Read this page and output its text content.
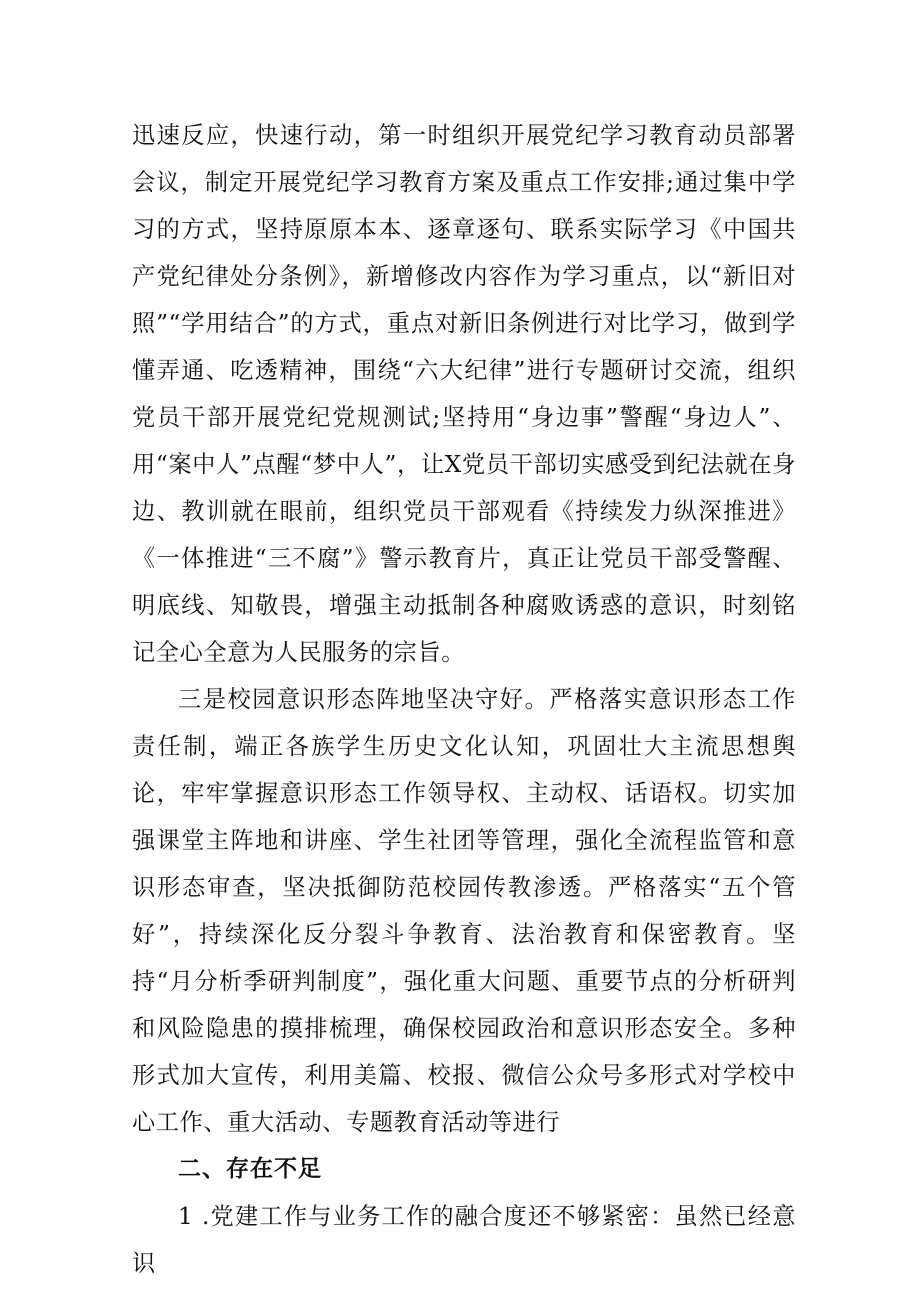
迅速反应，快速行动，第一时组织开展党纪学习教育动员部署会议，制定开展党纪学习教育方案及重点工作安排;通过集中学习的方式，坚持原原本本、逐章逐句、联系实际学习《中国共产党纪律处分条例》，新增修改内容作为学习重点，以“新旧对照”“学用结合”的方式，重点对新旧条例进行对比学习，做到学懂弄通、吃透精神，围绕“六大纪律”进行专题研讨交流，组织党员干部开展党纪党规测试;坚持用“身边事”警醒“身边人”、用“案中人”点醒“梦中人”，让X党员干部切实感受到纪法就在身边、教训就在眼前，组织党员干部观看《持续发力纵深推进》《一体推进“三不腐”》警示教育片，真正让党员干部受警醒、明底线、知敬畏，增强主动抵制各种腐败诱惑的意识，时刻铭记全心全意为人民服务的宗旨。

三是校园意识形态阵地坚决守好。严格落实意识形态工作责任制，端正各族学生历史文化认知，巩固壮大主流思想舆论，牢牢掌握意识形态工作领导权、主动权、话语权。切实加强课堂主阵地和讲座、学生社团等管理，强化全流程监管和意识形态审查，坚决抵御防范校园传教渗透。严格落实“五个管好”，持续深化反分裂斗争教育、法治教育和保密教育。坚持“月分析季研判制度”，强化重大问题、重要节点的分析研判和风险隐患的摸排梳理，确保校园政治和意识形态安全。多种形式加大宣传，利用美篇、校报、微信公众号多形式对学校中心工作、重大活动、专题教育活动等进行

二、存在不足

1 .党建工作与业务工作的融合度还不够紧密：虽然已经意识
